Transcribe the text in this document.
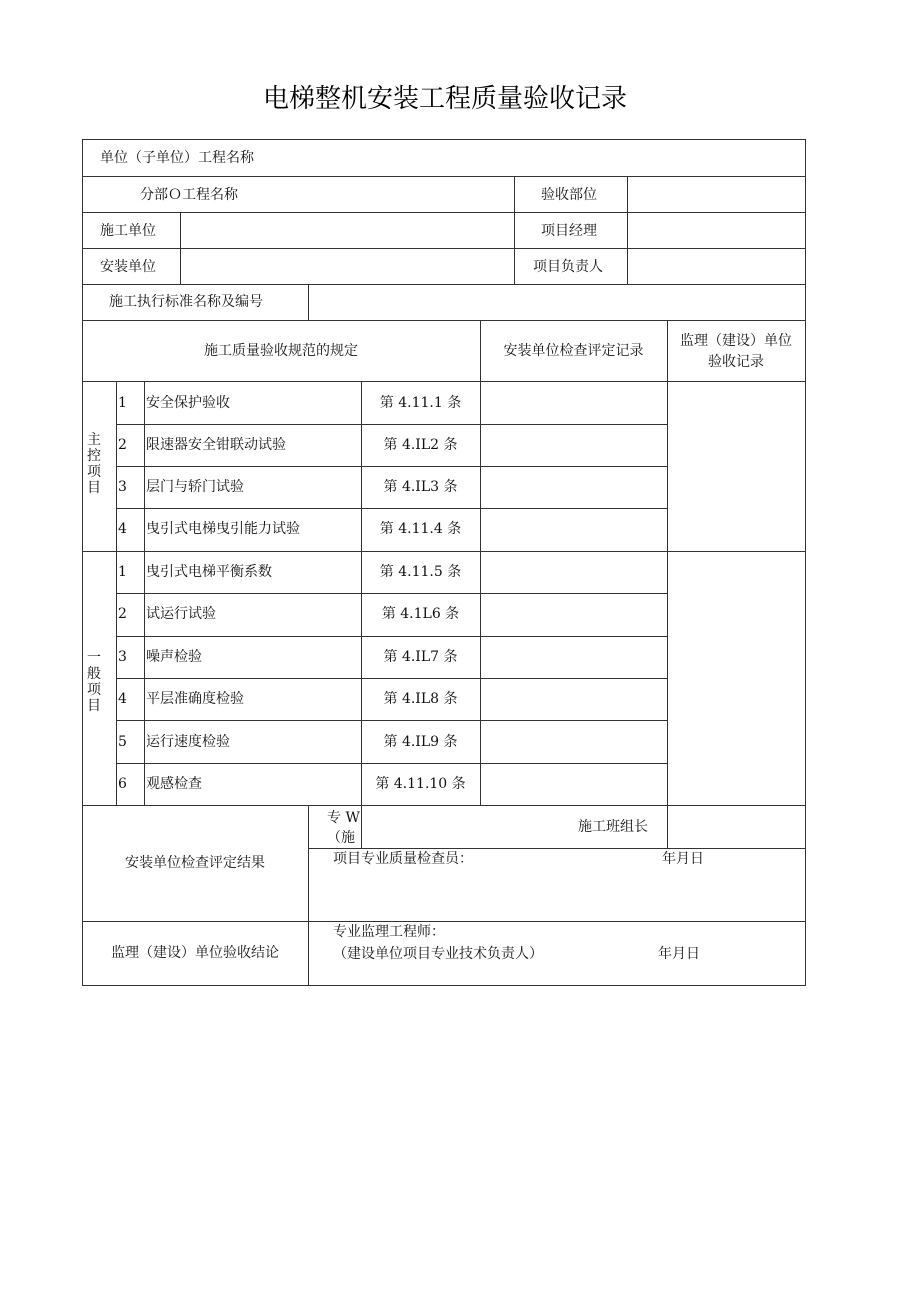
电梯整机安装工程质量验收记录
单位（子单位）工程名称
分部Ｏ工程名称	验收部位
施工单位	项目经理
安装单位	项目负责人
施工执行标准名称及编号
施工质量验收规范的规定	安装单位检查评定记录
监理（建设）单位
验收记录
主
控
项
目
一
般
项
目
1 安全保护验收	第 4.11.1 条
2 限速器安全钳联动试验	第 4.IL2 条
3 层门与轿门试验	第 4.IL3 条
4 曳引式电梯曳引能力试验	第 4.11.4 条
1 曳引式电梯平衡系数	第 4.11.5 条
2 试运行试验	第 4.1L6 条
3 噪声检验	第 4.IL7 条
4 平层准确度检验	第 4.IL8 条
5 运行速度检验	第 4.IL9 条
6 观感检查	第 4.11.10 条
安装单位检查评定结果
专 W
（施
施工班组长
项目专业质量检查员：	年月日
监理（建设）单位验收结论
专业监理工程师：
（建设单位项目专业技术负责人）	年月日
